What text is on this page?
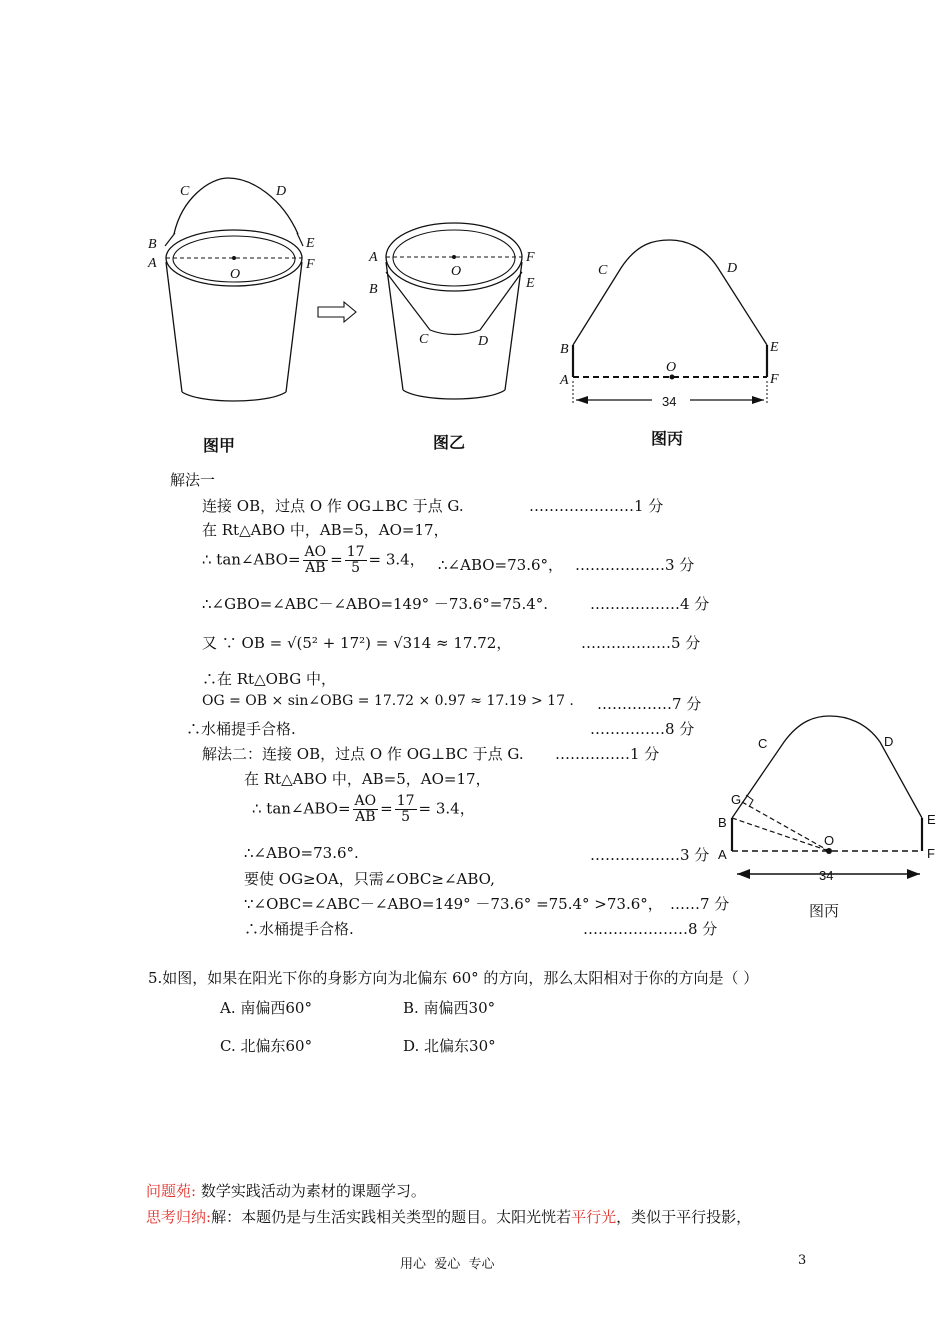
C	D
B	E
A	F
O
图甲
A	F
O
E
B
C	D
图乙
C	D
B	E
A	F
O
34
图丙
C	D
G
B	E
A	F
O
34
图丙
解法一
连接 OB，过点 O 作 OG⊥BC 于点 G.	…………………1 分
在 Rt△ABO 中，AB=5，AO=17，
∴ tan∠ABO= $\frac{AO}{AB} = \frac{17}{5} = 3.4$， ∴∠ABO=73.6°， ………………3 分
∴∠GBO=∠ABC－∠ABO=149° －73.6°=75.4°.	………………4 分
又 ∵ OB = √(5² + 17²) = √314 ≈ 17.72，	………………5 分
∴在 Rt△OBG 中，
OG = OB × sin∠OBG = 17.72 × 0.97 ≈ 17.19 > 17 . ……………7 分
∴水桶提手合格.	……………8 分
解法二：连接 OB，过点 O 作 OG⊥BC 于点 G. ……………1 分
在 Rt△ABO 中，AB=5，AO=17，
∴ tan∠ABO= $\frac{AO}{AB} = \frac{17}{5} = 3.4$，
∴∠ABO=73.6°.	………………3 分
要使 OG≥OA，只需∠OBC≥∠ABO,
∵∠OBC=∠ABC－∠ABO=149° －73.6° =75.4° >73.6°， ……7 分
∴水桶提手合格.	…………………8 分
5.如图，如果在阳光下你的身影方向为北偏东 60° 的方向，那么太阳相对于你的方向是（ ）
A. 南偏西60°	B. 南偏西30°
C. 北偏东60°	D. 北偏东30°
问题苑: 数学实践活动为素材的课题学习。
思考归纳:解：本题仍是与生活实践相关类型的题目。太阳光恍若平行光，类似于平行投影，
用心  爱心  专心	3
